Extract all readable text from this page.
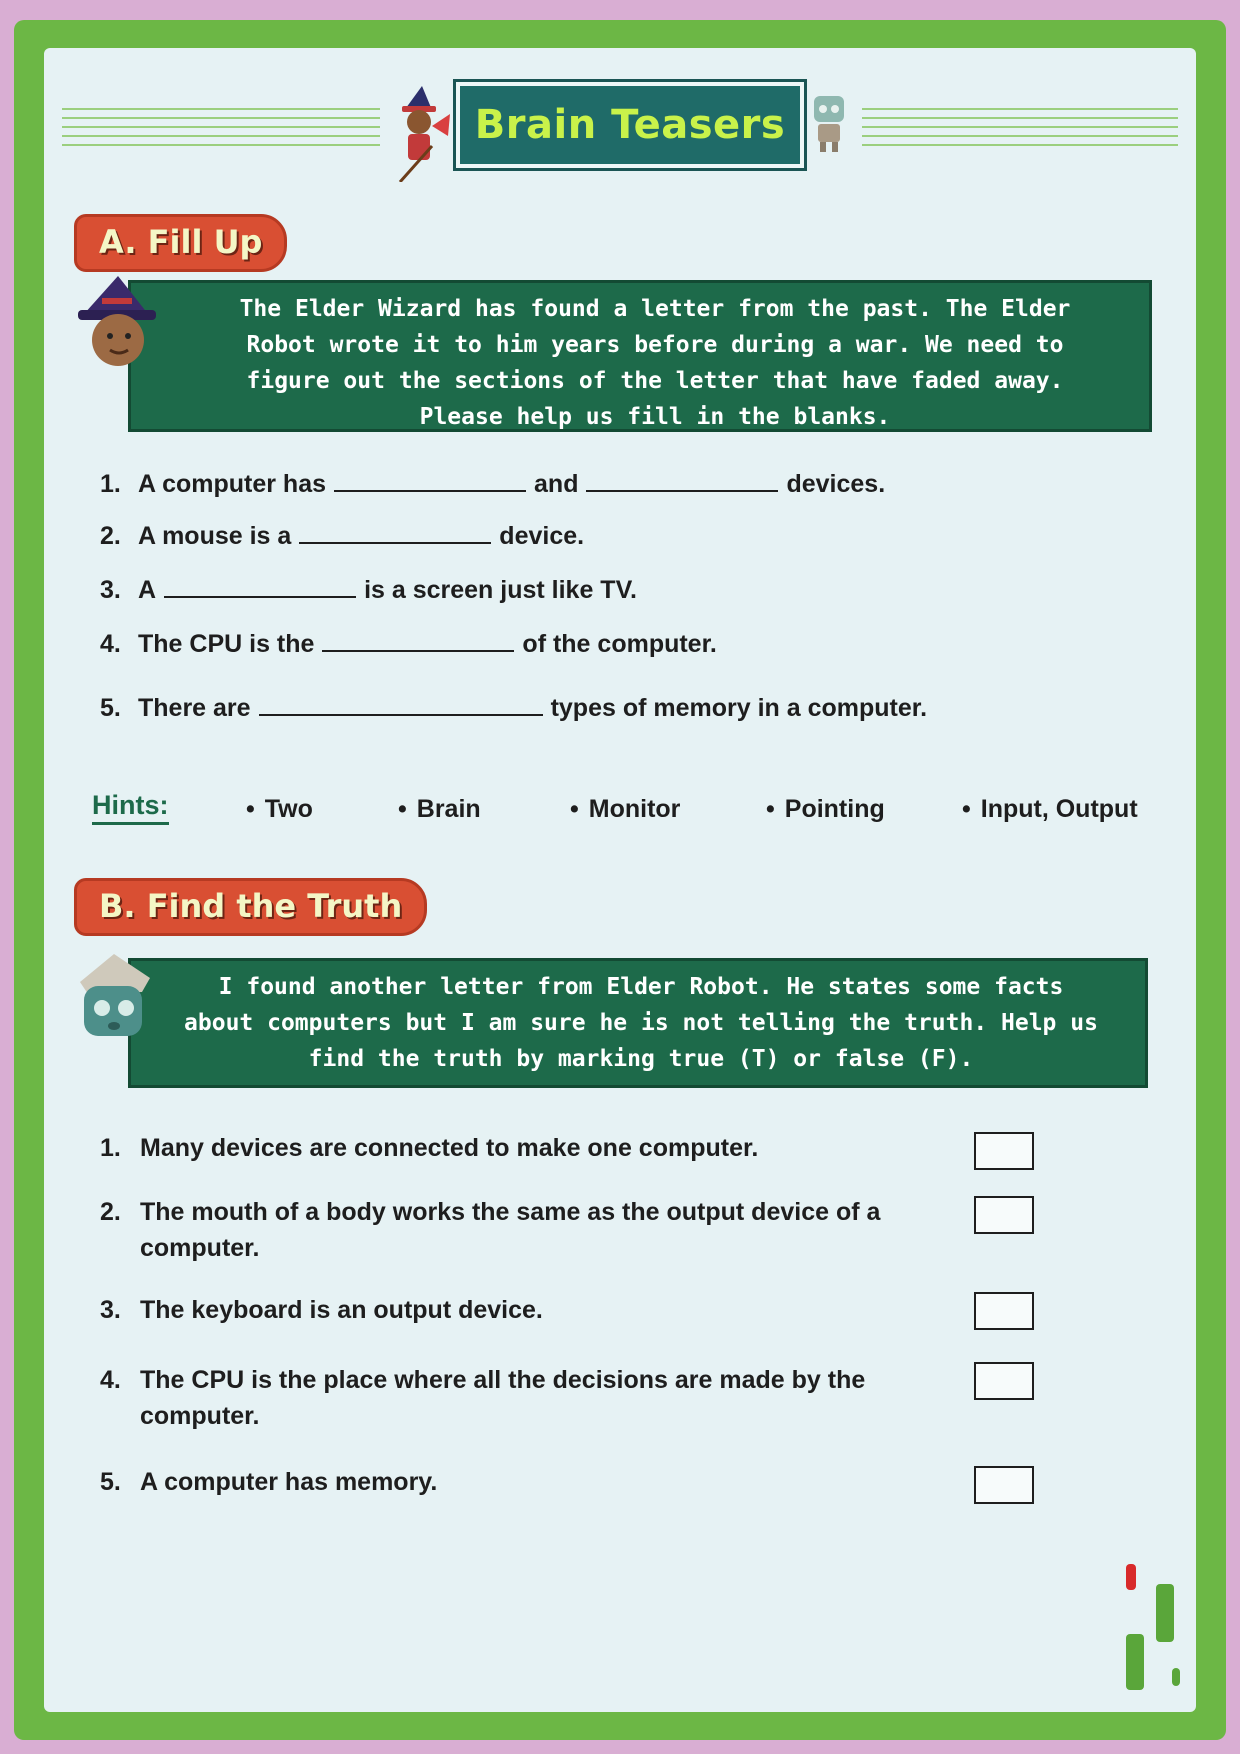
Brain Teasers
A. Fill Up

The Elder Wizard has found a letter from the past. The Elder

Robot wrote it to him years before during a war. We need to

figure out the sections of the letter that have faded away.

Please help us fill in the blanks.

1. A computer has	and	devices.
2. A mouse is a	device.
3. A	is a screen just like TV.
4. The CPU is the	of the computer.
5. There are	types of memory in a computer.
Hints:	• Two	• Brain	• Monitor	• Pointing	• Input, Output
B. Find the Truth

I found another letter from Elder Robot. He states some facts

about computers but I am sure he is not telling the truth. Help us

find the truth by marking true (T) or false (F).

1. Many devices are connected to make one computer.
2. The mouth of a body works the same as the output device of a computer.
3. The keyboard is an output device.
4. The CPU is the place where all the decisions are made by the computer.
5. A computer has memory.
